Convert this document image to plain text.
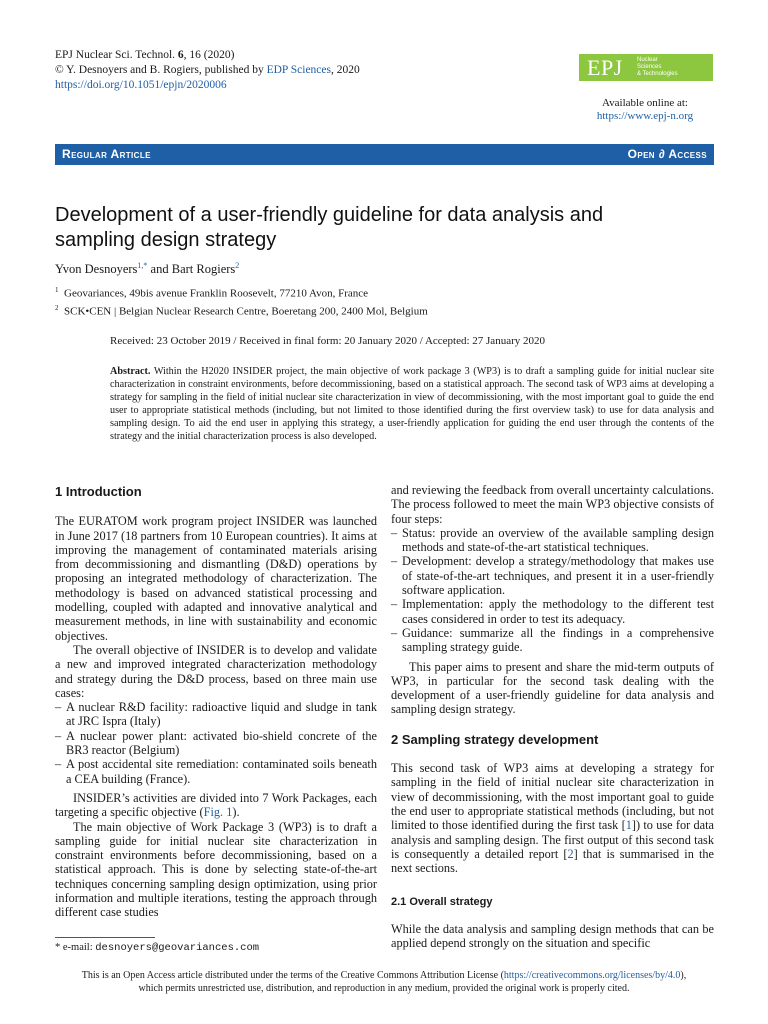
EPJ Nuclear Sci. Technol. 6, 16 (2020)
© Y. Desnoyers and B. Rogiers, published by EDP Sciences, 2020
https://doi.org/10.1051/epjn/2020006
EPJ Nuclear
Sciences
& Technologies
Available online at:
https://www.epj-n.org
Regular Article	Open ∂ Access
Development of a user-friendly guideline for data analysis and sampling design strategy
Yvon Desnoyers$^{1,*}$ and Bart Rogiers$^2$
$^1$ Geovariances, 49bis avenue Franklin Roosevelt, 77210 Avon, France
$^2$ SCK•CEN | Belgian Nuclear Research Centre, Boeretang 200, 2400 Mol, Belgium
Received: 23 October 2019 / Received in final form: 20 January 2020 / Accepted: 27 January 2020
Abstract. Within the H2020 INSIDER project, the main objective of work package 3 (WP3) is to draft a sampling guide for initial nuclear site characterization in constraint environments, before decommissioning, based on a statistical approach. The second task of WP3 aims at developing a strategy for sampling in the field of initial nuclear site characterization in view of decommissioning, with the most important goal to guide the end user to appropriate statistical methods (including, but not limited to those identified during the first overview task) to use for data analysis and sampling design. To aid the end user in applying this strategy, a user-friendly application for guiding the end user through the contents of the strategy and the initial characterization process is also developed.
1 Introduction

The EURATOM work program project INSIDER was launched in June 2017 (18 partners from 10 European countries). It aims at improving the management of contaminated materials arising from decommissioning and dismantling (D&D) operations by proposing an integrated methodology of characterization. The methodology is based on advanced statistical processing and modelling, coupled with adapted and innovative analytical and measurement methods, in line with sustainability and economic objectives.

The overall objective of INSIDER is to develop and validate a new and improved integrated characterization methodology and strategy during the D&D process, based on three main use cases:

– A nuclear R&D facility: radioactive liquid and sludge in tank at JRC Ispra (Italy)
– A nuclear power plant: activated bio-shield concrete of the BR3 reactor (Belgium)
– A post accidental site remediation: contaminated soils beneath a CEA building (France).

INSIDER’s activities are divided into 7 Work Packages, each targeting a specific objective (Fig. 1).

The main objective of Work Package 3 (WP3) is to draft a sampling guide for initial nuclear site characterization in constraint environments before decommissioning, based on a statistical approach. This is done by selecting state-of-the-art techniques concerning sampling design optimization, using prior information and multiple iterations, testing the approach through different case studies

* e-mail: desnoyers@geovariances.com

and reviewing the feedback from overall uncertainty calculations. The process followed to meet the main WP3 objective consists of four steps:

– Status: provide an overview of the available sampling design methods and state-of-the-art statistical techniques.
– Development: develop a strategy/methodology that makes use of state-of-the-art techniques, and present it in a user-friendly software application.
– Implementation: apply the methodology to the different test cases considered in order to test its adequacy.
– Guidance: summarize all the findings in a comprehensive sampling strategy guide.

This paper aims to present and share the mid-term outputs of WP3, in particular for the second task dealing with the development of a user-friendly guideline for data analysis and sampling design strategy.

2 Sampling strategy development

This second task of WP3 aims at developing a strategy for sampling in the field of initial nuclear site characterization in view of decommissioning, with the most important goal to guide the end user to appropriate statistical methods (including, but not limited to those identified during the first task [1]) to use for data analysis and sampling design. The first output of this second task is consequently a detailed report [2] that is summarised in the next sections.

2.1 Overall strategy

While the data analysis and sampling design methods that can be applied depend strongly on the situation and specific

This is an Open Access article distributed under the terms of the Creative Commons Attribution License (https://creativecommons.org/licenses/by/4.0),
which permits unrestricted use, distribution, and reproduction in any medium, provided the original work is properly cited.
